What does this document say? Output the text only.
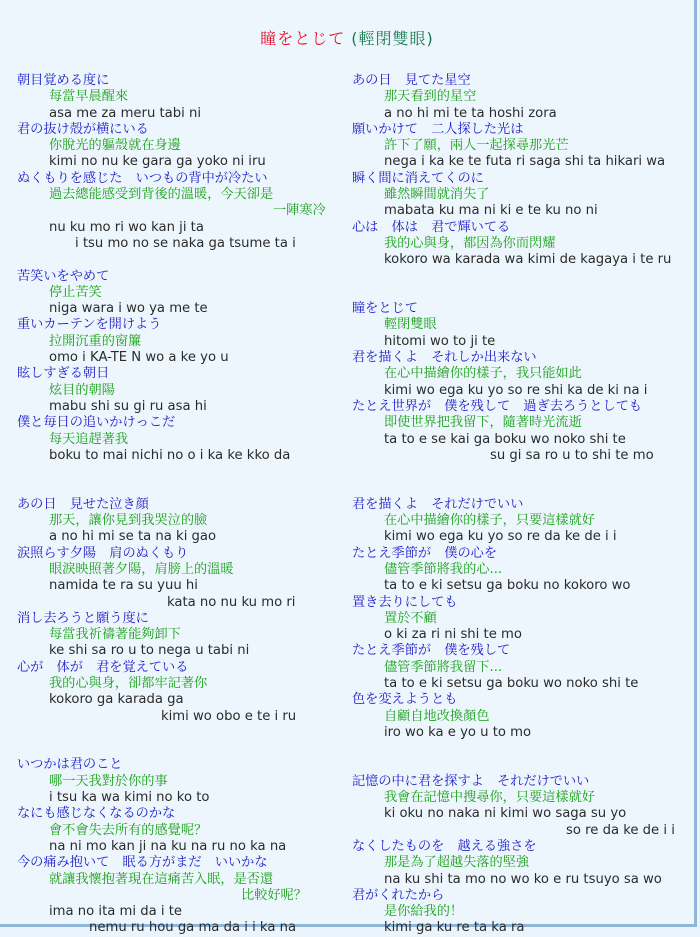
瞳をとじて (輕閉雙眼)
朝目覚める度に
每當早晨醒來
asa me za meru tabi ni
君の抜け殻が横にいる
你脫光的軀殼就在身邊
kimi no nu ke gara ga yoko ni iru
ぬくもりを感じた　いつもの背中が冷たい
過去總能感受到背後的溫暖，今天卻是
一陣寒冷
nu ku mo ri wo kan ji ta
i tsu mo no se naka ga tsume ta i
苦笑いをやめて
停止苦笑
niga wara i wo ya me te
重いカーテンを開けよう
拉開沉重的窗簾
omo i KA-TE N wo a ke yo u
眩しすぎる朝日
炫目的朝陽
mabu shi su gi ru asa hi
僕と毎日の追いかけっこだ
每天追趕著我
boku to mai nichi no o i ka ke kko da
あの日　見せた泣き顔
那天，讓你見到我哭泣的臉
a no hi mi se ta na ki gao
涙照らす夕陽　肩のぬくもり
眼淚映照著夕陽，肩膀上的溫暖
namida te ra su yuu hi
kata no nu ku mo ri
消し去ろうと願う度に
每當我祈禱著能夠卸下
ke shi sa ro u to nega u tabi ni
心が　体が　君を覚えている
我的心與身，卻都牢記著你
kokoro ga karada ga
kimi wo obo e te i ru
いつかは君のこと
哪一天我對於你的事
i tsu ka wa kimi no ko to
なにも感じなくなるのかな
會不會失去所有的感覺呢？
na ni mo kan ji na ku na ru no ka na
今の痛み抱いて　眠る方がまだ　いいかな
就讓我懷抱著現在這痛苦入眠，是否還
比較好呢？
ima no ita mi da i te
nemu ru hou ga ma da i i ka na
あの日　見てた星空
那天看到的星空
a no hi mi te ta hoshi zora
願いかけて　二人探した光は
許下了願，兩人一起探尋那光芒
nega i ka ke te futa ri saga shi ta hikari wa
瞬く間に消えてくのに
雖然瞬間就消失了
mabata ku ma ni ki e te ku no ni
心は　体は　君で輝いてる
我的心與身，都因為你而閃耀
kokoro wa karada wa kimi de kagaya i te ru
瞳をとじて
輕閉雙眼
hitomi wo to ji te
君を描くよ　それしか出来ない
在心中描繪你的樣子，我只能如此
kimi wo ega ku yo so re shi ka de ki na i
たとえ世界が　僕を残して　過ぎ去ろうとしても
即使世界把我留下，隨著時光流逝
ta to e se kai ga boku wo noko shi te
su gi sa ro u to shi te mo
君を描くよ　それだけでいい
在心中描繪你的樣子，只要這樣就好
kimi wo ega ku yo so re da ke de i i
たとえ季節が　僕の心を
儘管季節將我的心...
ta to e ki setsu ga boku no kokoro wo
置き去りにしても
置於不顧
o ki za ri ni shi te mo
たとえ季節が　僕を残して
儘管季節將我留下...
ta to e ki setsu ga boku wo noko shi te
色を変えようとも
自顧自地改換顏色
iro wo ka e yo u to mo
記憶の中に君を探すよ　それだけでいい
我會在記憶中搜尋你，只要這樣就好
ki oku no naka ni kimi wo saga su yo
so re da ke de i i
なくしたものを　越える強さを
那是為了超越失落的堅強
na ku shi ta mo no wo ko e ru tsuyo sa wo
君がくれたから
是你給我的！
kimi ga ku re ta ka ra
